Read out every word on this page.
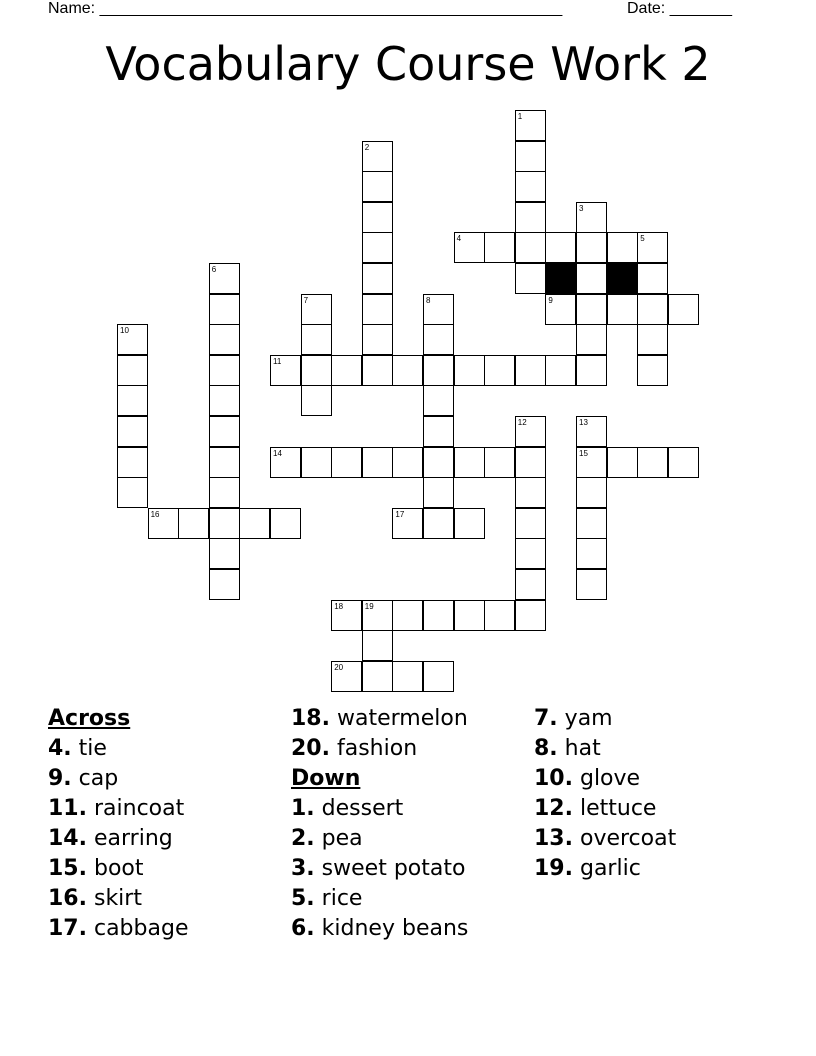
Name: ____________________________________________________	Date: _______
Vocabulary Course Work 2
1
2
4	5
3
9
6
7	8
10
11
12	13
15
14
16	17
18	19
20
Across
4. tie
9. cap
11. raincoat
14. earring
15. boot
16. skirt
17. cabbage
18. watermelon
20. fashion
Down
1. dessert
2. pea
3. sweet potato
5. rice
6. kidney beans
7. yam
8. hat
10. glove
12. lettuce
13. overcoat
19. garlic
